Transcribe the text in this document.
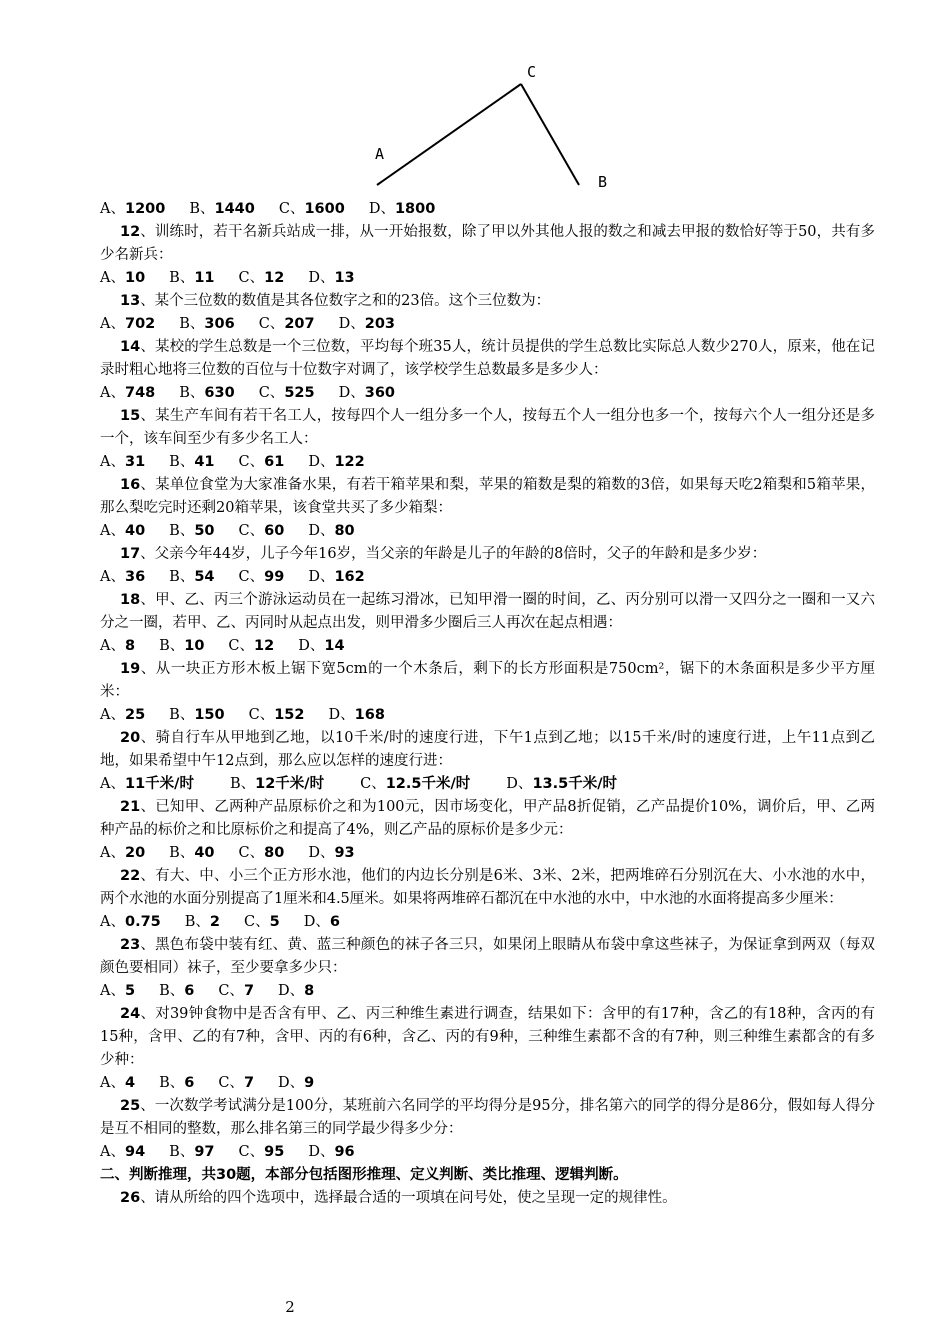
C
A
B

A、1200 B、1440 C、1600 D、1800

12、训练时，若干名新兵站成一排，从一开始报数，除了甲以外其他人报的数之和减去甲报的数恰好等于50，共有多少名新兵：

A、10 B、11 C、12 D、13

13、某个三位数的数值是其各位数字之和的23倍。这个三位数为：

A、702 B、306 C、207 D、203

14、某校的学生总数是一个三位数，平均每个班35人，统计员提供的学生总数比实际总人数少270人，原来，他在记录时粗心地将三位数的百位与十位数字对调了，该学校学生总数最多是多少人：

A、748 B、630 C、525 D、360

15、某生产车间有若干名工人，按每四个人一组分多一个人，按每五个人一组分也多一个，按每六个人一组分还是多一个，该车间至少有多少名工人：

A、31 B、41 C、61 D、122

16、某单位食堂为大家准备水果，有若干箱苹果和梨，苹果的箱数是梨的箱数的3倍，如果每天吃2箱梨和5箱苹果，那么梨吃完时还剩20箱苹果，该食堂共买了多少箱梨：

A、40 B、50 C、60 D、80

17、父亲今年44岁，儿子今年16岁，当父亲的年龄是儿子的年龄的8倍时，父子的年龄和是多少岁：

A、36 B、54 C、99 D、162

18、甲、乙、丙三个游泳运动员在一起练习滑冰，已知甲滑一圈的时间，乙、丙分别可以滑一又四分之一圈和一又六分之一圈，若甲、乙、丙同时从起点出发，则甲滑多少圈后三人再次在起点相遇：

A、8 B、10 C、12 D、14

19、从一块正方形木板上锯下宽5cm的一个木条后，剩下的长方形面积是750cm²，锯下的木条面积是多少平方厘米：

A、25 B、150 C、152 D、168

20、骑自行车从甲地到乙地，以10千米/时的速度行进，下午1点到乙地；以15千米/时的速度行进，上午11点到乙地，如果希望中午12点到，那么应以怎样的速度行进：

A、11千米/时 B、12千米/时 C、12.5千米/时 D、13.5千米/时

21、已知甲、乙两种产品原标价之和为100元，因市场变化，甲产品8折促销，乙产品提价10%，调价后，甲、乙两种产品的标价之和比原标价之和提高了4%，则乙产品的原标价是多少元：

A、20 B、40 C、80 D、93

22、有大、中、小三个正方形水池，他们的内边长分别是6米、3米、2米，把两堆碎石分别沉在大、小水池的水中，两个水池的水面分别提高了1厘米和4.5厘米。如果将两堆碎石都沉在中水池的水中，中水池的水面将提高多少厘米：

A、0.75 B、2 C、5 D、6

23、黑色布袋中装有红、黄、蓝三种颜色的袜子各三只，如果闭上眼睛从布袋中拿这些袜子，为保证拿到两双（每双颜色要相同）袜子，至少要拿多少只：

A、5 B、6 C、7 D、8

24、对39钟食物中是否含有甲、乙、丙三种维生素进行调查，结果如下：含甲的有17种，含乙的有18种，含丙的有15种，含甲、乙的有7种，含甲、丙的有6种，含乙、丙的有9种，三种维生素都不含的有7种，则三种维生素都含的有多少种：

A、4 B、6 C、7 D、9

25、一次数学考试满分是100分，某班前六名同学的平均得分是95分，排名第六的同学的得分是86分，假如每人得分是互不相同的整数，那么排名第三的同学最少得多少分：

A、94 B、97 C、95 D、96

二、判断推理，共30题，本部分包括图形推理、定义判断、类比推理、逻辑判断。

26、请从所给的四个选项中，选择最合适的一项填在问号处，使之呈现一定的规律性。

2
